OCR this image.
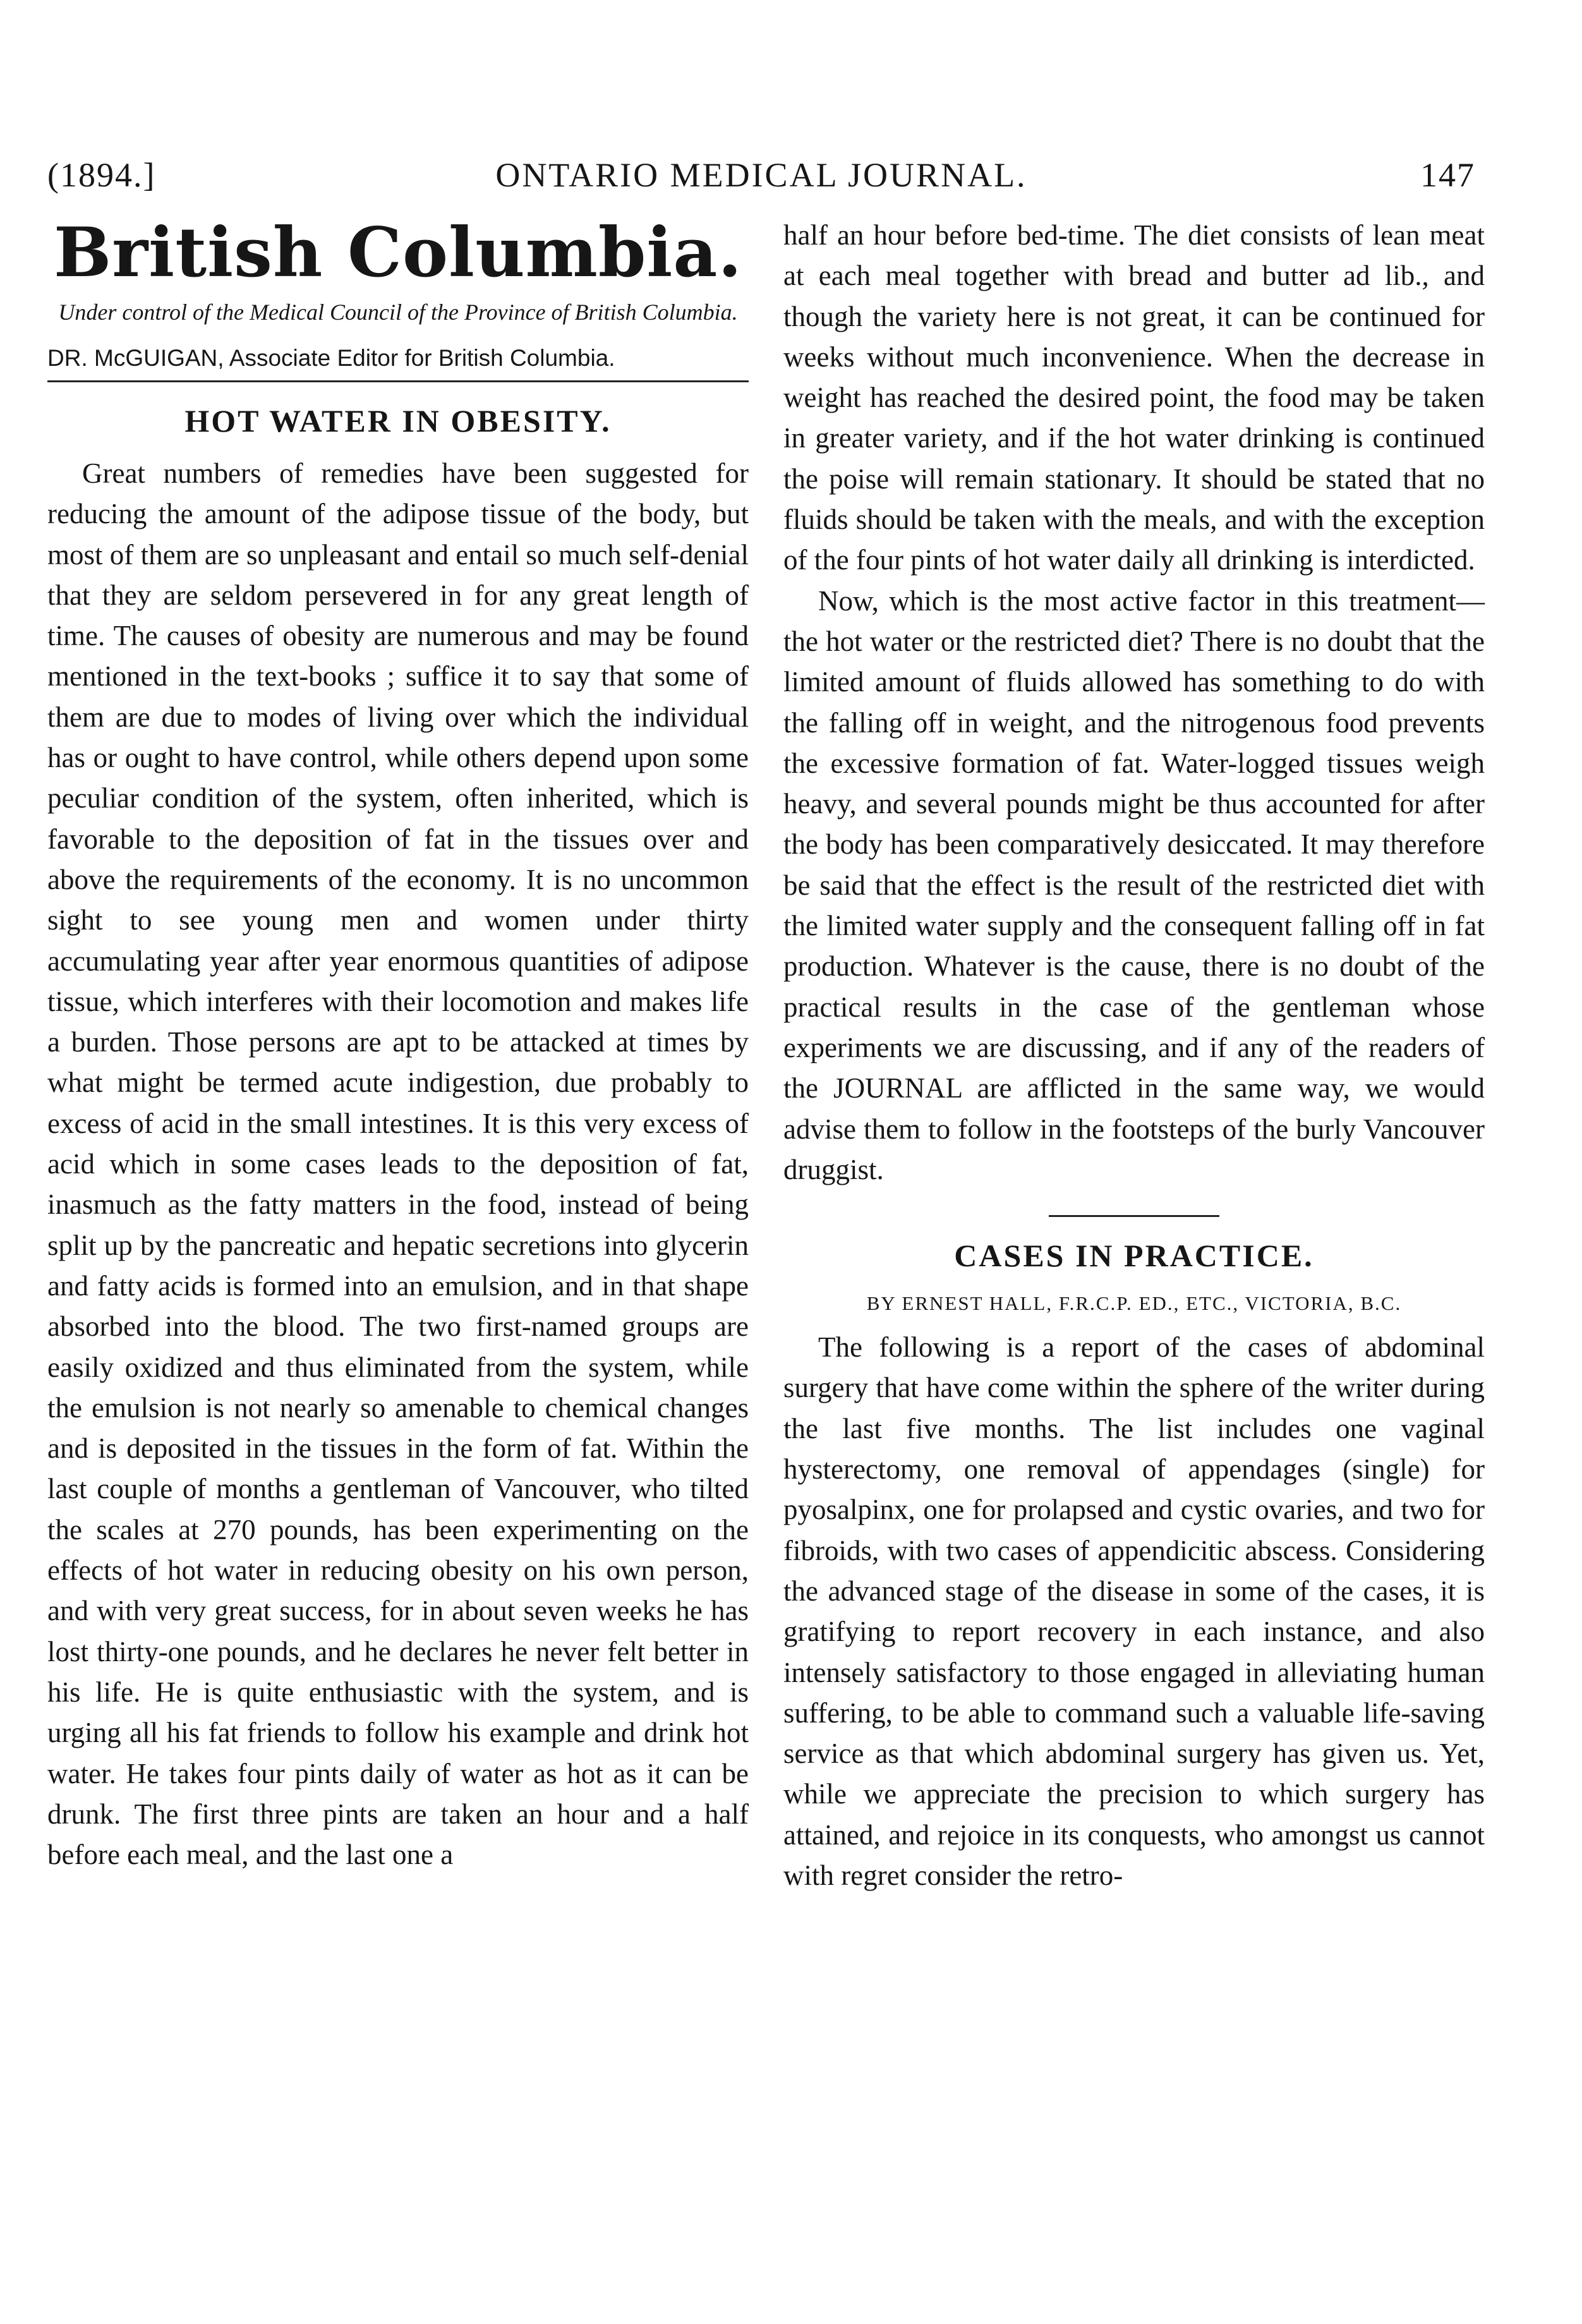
(1894.]	ONTARIO MEDICAL JOURNAL.	147
British Columbia.

Under control of the Medical Council of the Province of British Columbia.

DR. McGUIGAN, Associate Editor for British Columbia.

HOT WATER IN OBESITY.

Great numbers of remedies have been suggested for reducing the amount of the adipose tissue of the body, but most of them are so unpleasant and entail so much self-denial that they are seldom persevered in for any great length of time. The causes of obesity are numerous and may be found mentioned in the text-books ; suffice it to say that some of them are due to modes of living over which the individual has or ought to have control, while others depend upon some peculiar condition of the system, often inherited, which is favorable to the deposition of fat in the tissues over and above the requirements of the economy. It is no uncommon sight to see young men and women under thirty accumulating year after year enormous quantities of adipose tissue, which interferes with their locomotion and makes life a burden. Those persons are apt to be attacked at times by what might be termed acute indigestion, due probably to excess of acid in the small intestines. It is this very excess of acid which in some cases leads to the deposition of fat, inasmuch as the fatty matters in the food, instead of being split up by the pancreatic and hepatic secretions into glycerin and fatty acids is formed into an emulsion, and in that shape absorbed into the blood. The two first-named groups are easily oxidized and thus eliminated from the system, while the emulsion is not nearly so amenable to chemical changes and is deposited in the tissues in the form of fat. Within the last couple of months a gentleman of Vancouver, who tilted the scales at 270 pounds, has been experimenting on the effects of hot water in reducing obesity on his own person, and with very great success, for in about seven weeks he has lost thirty-one pounds, and he declares he never felt better in his life. He is quite enthusiastic with the system, and is urging all his fat friends to follow his example and drink hot water. He takes four pints daily of water as hot as it can be drunk. The first three pints are taken an hour and a half before each meal, and the last one a

half an hour before bed-time. The diet consists of lean meat at each meal together with bread and butter ad lib., and though the variety here is not great, it can be continued for weeks without much inconvenience. When the decrease in weight has reached the desired point, the food may be taken in greater variety, and if the hot water drinking is continued the poise will remain stationary. It should be stated that no fluids should be taken with the meals, and with the exception of the four pints of hot water daily all drinking is interdicted.

Now, which is the most active factor in this treatment—the hot water or the restricted diet? There is no doubt that the limited amount of fluids allowed has something to do with the falling off in weight, and the nitrogenous food prevents the excessive formation of fat. Water-logged tissues weigh heavy, and several pounds might be thus accounted for after the body has been comparatively desiccated. It may therefore be said that the effect is the result of the restricted diet with the limited water supply and the consequent falling off in fat production. Whatever is the cause, there is no doubt of the practical results in the case of the gentleman whose experiments we are discussing, and if any of the readers of the JOURNAL are afflicted in the same way, we would advise them to follow in the footsteps of the burly Vancouver druggist.

CASES IN PRACTICE.

BY ERNEST HALL, F.R.C.P. ED., ETC., VICTORIA, B.C.

The following is a report of the cases of abdominal surgery that have come within the sphere of the writer during the last five months. The list includes one vaginal hysterectomy, one removal of appendages (single) for pyosalpinx, one for prolapsed and cystic ovaries, and two for fibroids, with two cases of appendicitic abscess. Considering the advanced stage of the disease in some of the cases, it is gratifying to report recovery in each instance, and also intensely satisfactory to those engaged in alleviating human suffering, to be able to command such a valuable life-saving service as that which abdominal surgery has given us. Yet, while we appreciate the precision to which surgery has attained, and rejoice in its conquests, who amongst us cannot with regret consider the retro-
